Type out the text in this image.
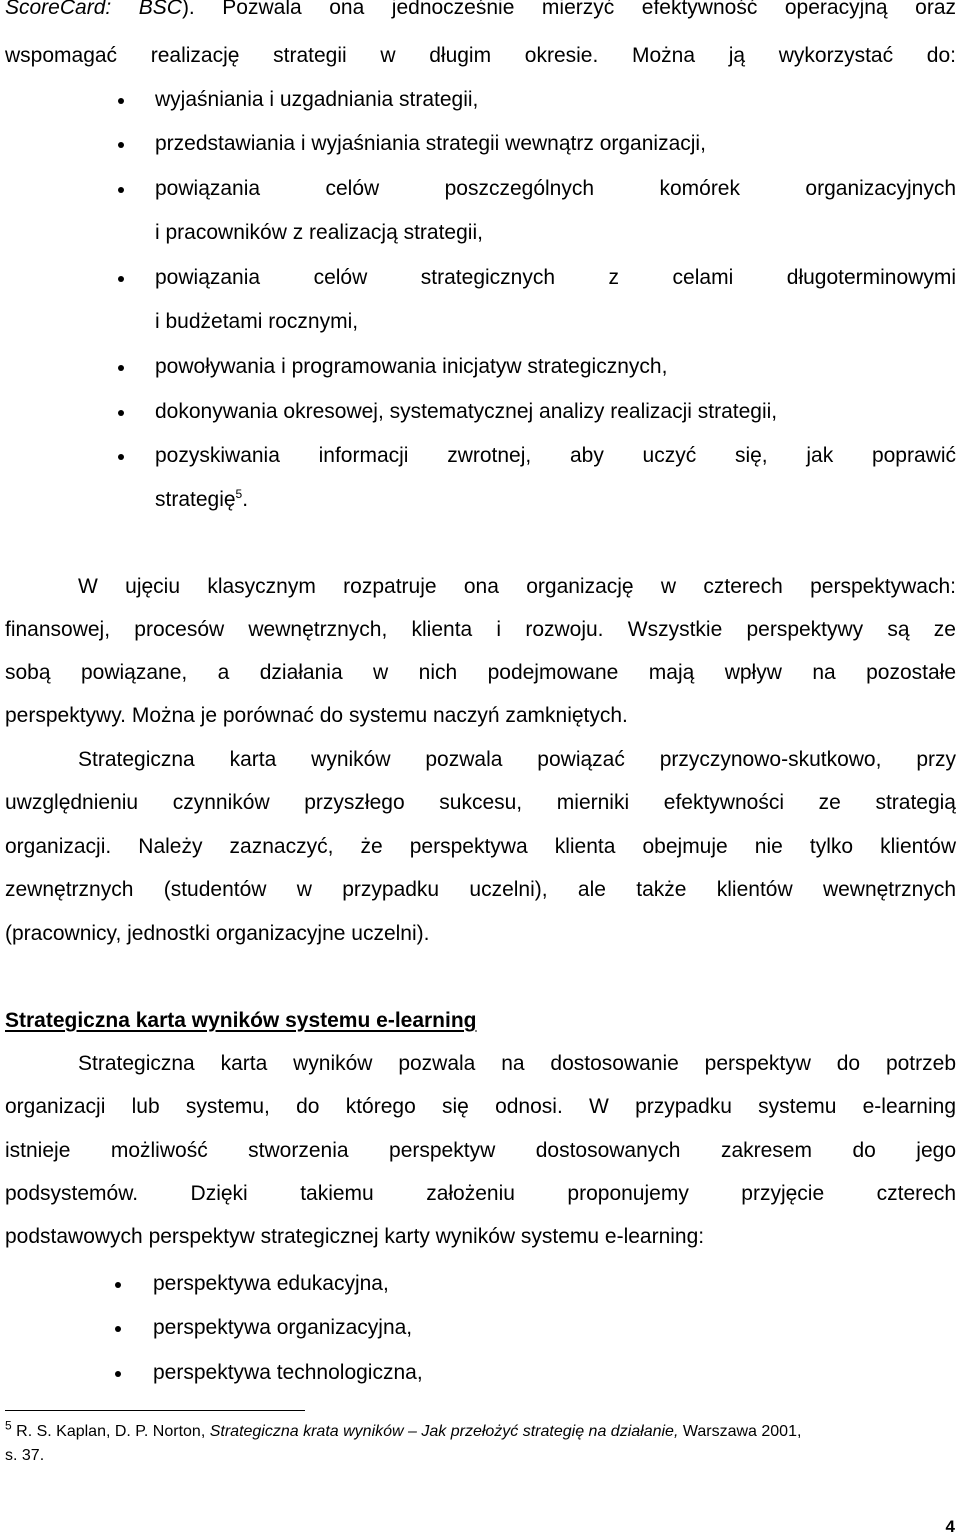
ScoreCard: BSC). Pozwala ona jednocześnie mierzyć efektywność operacyjną oraz
wspomagać realizację strategii w długim okresie. Można ją wykorzystać do:
wyjaśniania i uzgadniania strategii,
przedstawiania i wyjaśniania strategii wewnątrz organizacji,
powiązania celów poszczególnych komórek organizacyjnych
i pracowników z realizacją strategii,
powiązania celów strategicznych z celami długoterminowymi
i budżetami rocznymi,
powoływania i programowania inicjatyw strategicznych,
dokonywania okresowej, systematycznej analizy realizacji strategii,
pozyskiwania informacji zwrotnej, aby uczyć się, jak poprawić
strategię$^5$.
W ujęciu klasycznym rozpatruje ona organizację w czterech perspektywach:
finansowej, procesów wewnętrznych, klienta i rozwoju. Wszystkie perspektywy są ze
sobą powiązane, a działania w nich podejmowane mają wpływ na pozostałe
perspektywy. Można je porównać do systemu naczyń zamkniętych.
Strategiczna karta wyników pozwala powiązać przyczynowo-skutkowo, przy
uwzględnieniu czynników przyszłego sukcesu, mierniki efektywności ze strategią
organizacji. Należy zaznaczyć, że perspektywa klienta obejmuje nie tylko klientów
zewnętrznych (studentów w przypadku uczelni), ale także klientów wewnętrznych
(pracownicy, jednostki organizacyjne uczelni).
Strategiczna karta wyników systemu e-learning
Strategiczna karta wyników pozwala na dostosowanie perspektyw do potrzeb
organizacji lub systemu, do którego się odnosi. W przypadku systemu e-learning
istnieje możliwość stworzenia perspektyw dostosowanych zakresem do jego
podsystemów. Dzięki takiemu założeniu proponujemy przyjęcie czterech
podstawowych perspektyw strategicznej karty wyników systemu e-learning:
perspektywa edukacyjna,
perspektywa organizacyjna,
perspektywa technologiczna,
$^5$ R. S. Kaplan, D. P. Norton, Strategiczna krata wyników – Jak przełożyć strategię na działanie, Warszawa 2001,
s. 37.
4
